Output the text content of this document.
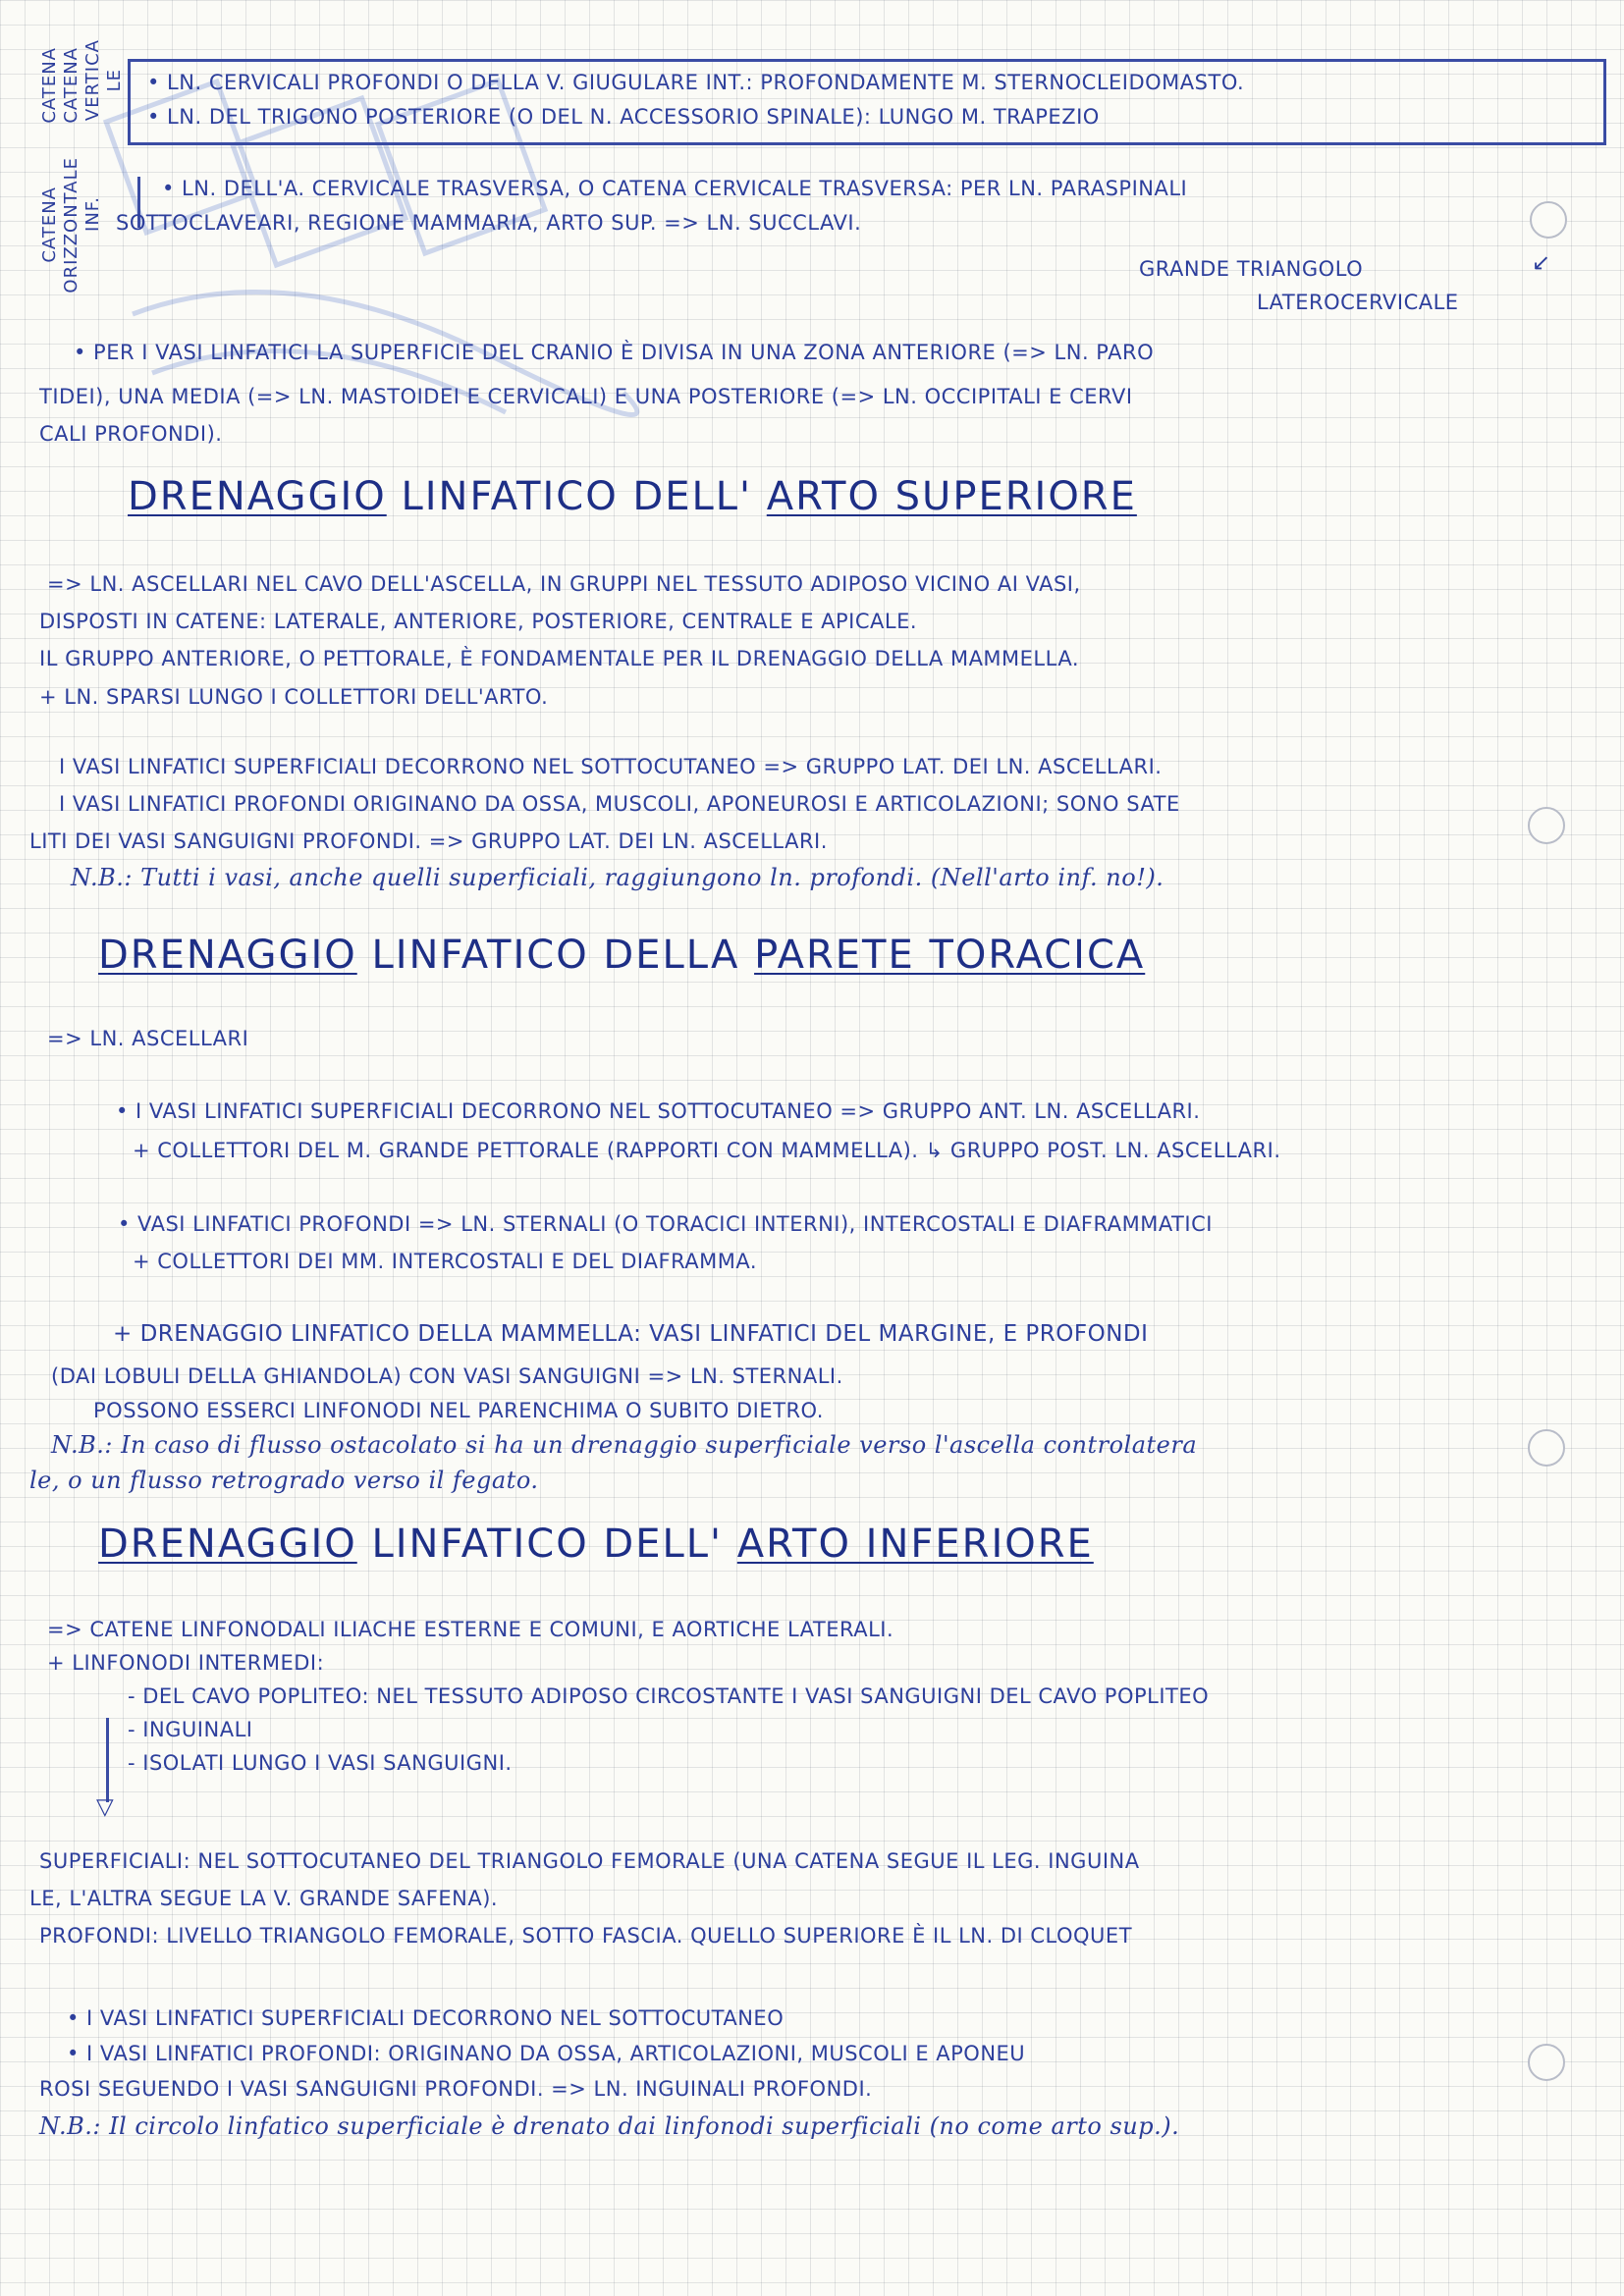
CATENA CATENA VERTICA LE
CATENA ORIZZONTALE INF.
• LN. CERVICALI PROFONDI O DELLA V. GIUGULARE INT.: PROFONDAMENTE M. STERNOCLEIDOMASTO.
• LN. DEL TRIGONO POSTERIORE (O DEL N. ACCESSORIO SPINALE): LUNGO M. TRAPEZIO
• LN. DELL'A. CERVICALE TRASVERSA, O CATENA CERVICALE TRASVERSA: PER LN. PARASPINALI
SOTTOCLAVEARI, REGIONE MAMMARIA, ARTO SUP. => LN. SUCCLAVI.
GRANDE TRIANGOLO
LATEROCERVICALE
↙
• PER I VASI LINFATICI LA SUPERFICIE DEL CRANIO È DIVISA IN UNA ZONA ANTERIORE (=> LN. PARO
TIDEI), UNA MEDIA (=> LN. MASTOIDEI E CERVICALI) E UNA POSTERIORE (=> LN. OCCIPITALI E CERVI
CALI PROFONDI).
DRENAGGIO LINFATICO DELL' ARTO SUPERIORE
=> LN. ASCELLARI NEL CAVO DELL'ASCELLA, IN GRUPPI NEL TESSUTO ADIPOSO VICINO AI VASI,
DISPOSTI IN CATENE: LATERALE, ANTERIORE, POSTERIORE, CENTRALE E APICALE.
IL GRUPPO ANTERIORE, O PETTORALE, È FONDAMENTALE PER IL DRENAGGIO DELLA MAMMELLA.
+ LN. SPARSI LUNGO I COLLETTORI DELL'ARTO.
I VASI LINFATICI SUPERFICIALI DECORRONO NEL SOTTOCUTANEO => GRUPPO LAT. DEI LN. ASCELLARI.
I VASI LINFATICI PROFONDI ORIGINANO DA OSSA, MUSCOLI, APONEUROSI E ARTICOLAZIONI; SONO SATE
LITI DEI VASI SANGUIGNI PROFONDI. => GRUPPO LAT. DEI LN. ASCELLARI.
N.B.: Tutti i vasi, anche quelli superficiali, raggiungono ln. profondi. (Nell'arto inf. no!).
DRENAGGIO LINFATICO DELLA PARETE TORACICA
=> LN. ASCELLARI
• I VASI LINFATICI SUPERFICIALI DECORRONO NEL SOTTOCUTANEO => GRUPPO ANT. LN. ASCELLARI.
+ COLLETTORI DEL M. GRANDE PETTORALE (RAPPORTI CON MAMMELLA). ↳ GRUPPO POST. LN. ASCELLARI.
• VASI LINFATICI PROFONDI => LN. STERNALI (O TORACICI INTERNI), INTERCOSTALI E DIAFRAMMATICI
+ COLLETTORI DEI MM. INTERCOSTALI E DEL DIAFRAMMA.
+ DRENAGGIO LINFATICO DELLA MAMMELLA: VASI LINFATICI DEL MARGINE, E PROFONDI
(DAI LOBULI DELLA GHIANDOLA) CON VASI SANGUIGNI => LN. STERNALI.
POSSONO ESSERCI LINFONODI NEL PARENCHIMA O SUBITO DIETRO.
N.B.: In caso di flusso ostacolato si ha un drenaggio superficiale verso l'ascella controlatera
le, o un flusso retrogrado verso il fegato.
DRENAGGIO LINFATICO DELL' ARTO INFERIORE
=> CATENE LINFONODALI ILIACHE ESTERNE E COMUNI, E AORTICHE LATERALI.
+ LINFONODI INTERMEDI:
- DEL CAVO POPLITEO: NEL TESSUTO ADIPOSO CIRCOSTANTE I VASI SANGUIGNI DEL CAVO POPLITEO
- INGUINALI
- ISOLATI LUNGO I VASI SANGUIGNI.
▽
SUPERFICIALI: NEL SOTTOCUTANEO DEL TRIANGOLO FEMORALE (UNA CATENA SEGUE IL LEG. INGUINA
LE, L'ALTRA SEGUE LA V. GRANDE SAFENA).
PROFONDI: LIVELLO TRIANGOLO FEMORALE, SOTTO FASCIA. QUELLO SUPERIORE È IL LN. DI CLOQUET
• I VASI LINFATICI SUPERFICIALI DECORRONO NEL SOTTOCUTANEO
• I VASI LINFATICI PROFONDI: ORIGINANO DA OSSA, ARTICOLAZIONI, MUSCOLI E APONEU
ROSI SEGUENDO I VASI SANGUIGNI PROFONDI. => LN. INGUINALI PROFONDI.
N.B.: Il circolo linfatico superficiale è drenato dai linfonodi superficiali (no come arto sup.).
